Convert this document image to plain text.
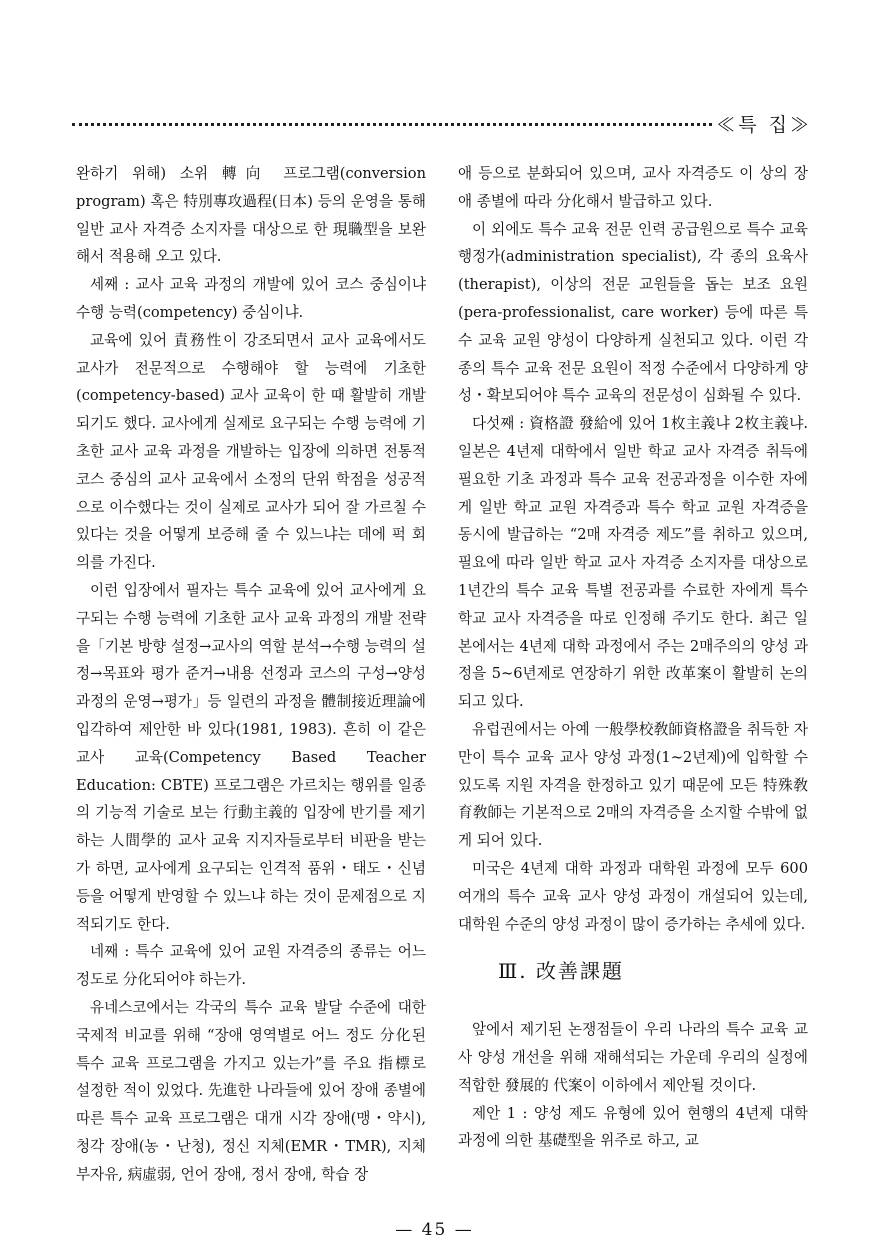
≪특 집≫

완하기 위해) 소위 轉向 프로그램(conversion program) 혹은 特別專攻過程(日本) 등의 운영을 통해 일반 교사 자격증 소지자를 대상으로 한 現職型을 보완해서 적용해 오고 있다.

세째 : 교사 교육 과정의 개발에 있어 코스 중심이냐 수행 능력(competency) 중심이냐.

교육에 있어 責務性이 강조되면서 교사 교육에서도 교사가 전문적으로 수행해야 할 능력에 기초한(competency-based) 교사 교육이 한 때 활발히 개발되기도 했다. 교사에게 실제로 요구되는 수행 능력에 기초한 교사 교육 과정을 개발하는 입장에 의하면 전통적 코스 중심의 교사 교육에서 소정의 단위 학점을 성공적으로 이수했다는 것이 실제로 교사가 되어 잘 가르칠 수 있다는 것을 어떻게 보증해 줄 수 있느냐는 데에 퍽 회의를 가진다.

이런 입장에서 필자는 특수 교육에 있어 교사에게 요구되는 수행 능력에 기초한 교사 교육 과정의 개발 전략을「기본 방향 설정→교사의 역할 분석→수행 능력의 설정→목표와 평가 준거→내용 선정과 코스의 구성→양성 과정의 운영→평가」등 일련의 과정을 體制接近理論에 입각하여 제안한 바 있다(1981, 1983). 흔히 이 같은 교사 교육(Competency Based Teacher Education: CBTE) 프로그램은 가르치는 행위를 일종의 기능적 기술로 보는 行動主義的 입장에 반기를 제기하는 人間學的 교사 교육 지지자들로부터 비판을 받는가 하면, 교사에게 요구되는 인격적 품위・태도・신념 등을 어떻게 반영할 수 있느냐 하는 것이 문제점으로 지적되기도 한다.

네째 : 특수 교육에 있어 교원 자격증의 종류는 어느 정도로 分化되어야 하는가.

유네스코에서는 각국의 특수 교육 발달 수준에 대한 국제적 비교를 위해 “장애 영역별로 어느 정도 分化된 특수 교육 프로그램을 가지고 있는가”를 주요 指標로 설정한 적이 있었다. 先進한 나라들에 있어 장애 종별에 따른 특수 교육 프로그램은 대개 시각 장애(맹・약시), 청각 장애(농・난청), 정신 지체(EMR・TMR), 지체 부자유, 病虛弱, 언어 장애, 정서 장애, 학습 장

애 등으로 분화되어 있으며, 교사 자격증도 이 상의 장애 종별에 따라 分化해서 발급하고 있다.

이 외에도 특수 교육 전문 인력 공급원으로 특수 교육 행정가(administration specialist), 각 종의 요육사(therapist), 이상의 전문 교원들을 돕는 보조 요원(pera-professionalist, care worker) 등에 따른 특수 교육 교원 양성이 다양하게 실천되고 있다. 이런 각종의 특수 교육 전문 요원이 적정 수준에서 다양하게 양성・확보되어야 특수 교육의 전문성이 심화될 수 있다.

다섯째 : 資格證 發給에 있어 1枚主義냐 2枚主義냐. 일본은 4년제 대학에서 일반 학교 교사 자격증 취득에 필요한 기초 과정과 특수 교육 전공과정을 이수한 자에게 일반 학교 교원 자격증과 특수 학교 교원 자격증을 동시에 발급하는 “2매 자격증 제도”를 취하고 있으며, 필요에 따라 일반 학교 교사 자격증 소지자를 대상으로 1년간의 특수 교육 특별 전공과를 수료한 자에게 특수 학교 교사 자격증을 따로 인정해 주기도 한다. 최근 일본에서는 4년제 대학 과정에서 주는 2매주의의 양성 과정을 5~6년제로 연장하기 위한 改革案이 활발히 논의되고 있다.

유럽권에서는 아예 一般學校敎師資格證을 취득한 자만이 특수 교육 교사 양성 과정(1~2년제)에 입학할 수 있도록 지원 자격을 한정하고 있기 때문에 모든 特殊敎育敎師는 기본적으로 2매의 자격증을 소지할 수밖에 없게 되어 있다.

미국은 4년제 대학 과정과 대학원 과정에 모두 600여개의 특수 교육 교사 양성 과정이 개설되어 있는데, 대학원 수준의 양성 과정이 많이 증가하는 추세에 있다.

Ⅲ. 改善課題

앞에서 제기된 논쟁점들이 우리 나라의 특수 교육 교사 양성 개선을 위해 재해석되는 가운데 우리의 실정에 적합한 發展的 代案이 이하에서 제안될 것이다.

제안 1 : 양성 제도 유형에 있어 현행의 4년제 대학 과정에 의한 基礎型을 위주로 하고, 교

— 45 —
